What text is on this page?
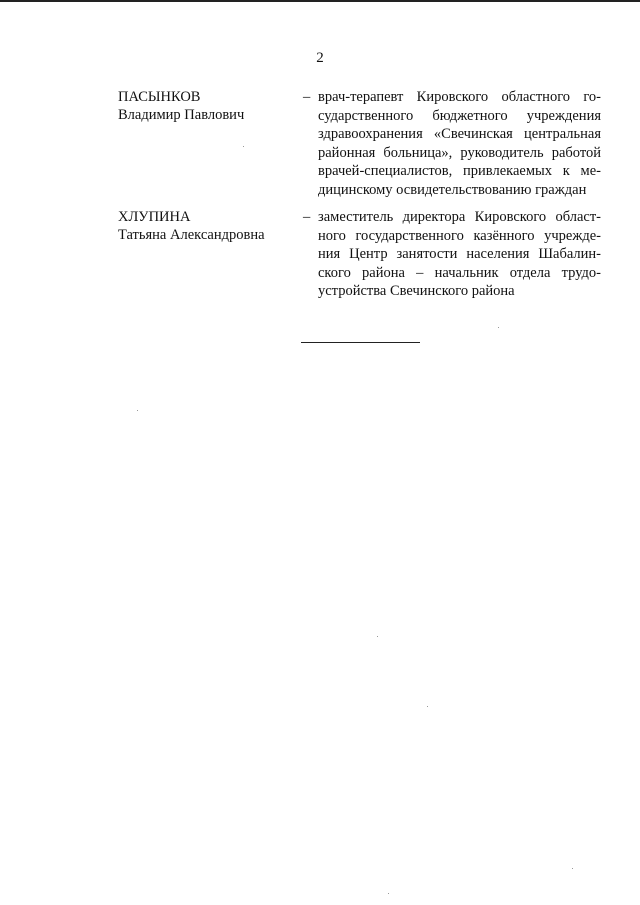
2
ПАСЫНКОВ
Владимир Павлович
– врач-терапевт Кировского областного го-
сударственного бюджетного учреждения
здравоохранения «Свечинская центральная
районная больница», руководитель работой
врачей-специалистов, привлекаемых к ме-
дицинскому освидетельствованию граждан
ХЛУПИНА
Татьяна Александровна
– заместитель директора Кировского област-
ного государственного казённого учрежде-
ния Центр занятости населения Шабалин-
ского района – начальник отдела трудо-
устройства Свечинского района
